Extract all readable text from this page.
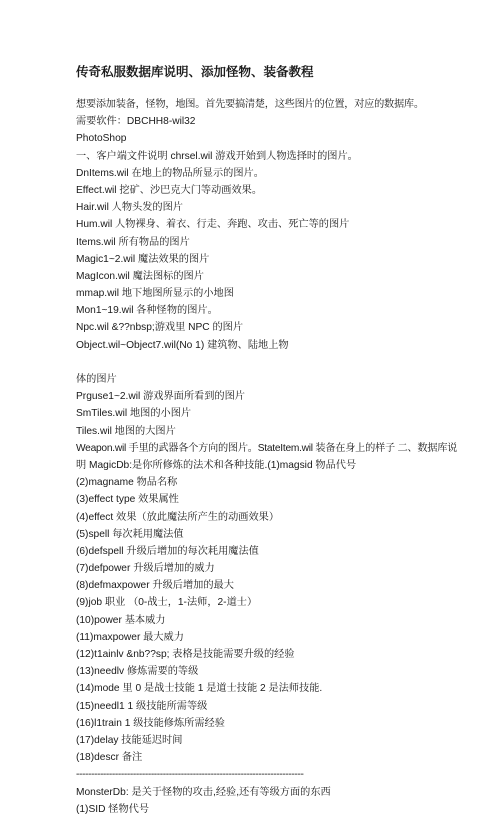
传奇私服数据库说明、添加怪物、装备教程
想要添加装备，怪物，地图。首先要搞清楚，这些图片的位置，对应的数据库。
需要软件：DBCHH8-wil32
PhotoShop
一、客户端文件说明 chrsel.wil 游戏开始到人物选择时的图片。
DnItems.wil 在地上的物品所显示的图片。
Effect.wil 挖矿、沙巴克大门等动画效果。
Hair.wil 人物头发的图片
Hum.wil 人物裸身、着衣、行走、奔跑、攻击、死亡等的图片
Items.wil 所有物品的图片
Magic1~2.wil 魔法效果的图片
MagIcon.wil 魔法图标的图片
mmap.wil 地下地图所显示的小地图
Mon1~19.wil 各种怪物的图片。
Npc.wil &??nbsp;游戏里 NPC 的图片
Object.wil~Object7.wil(No 1) 建筑物、陆地上物
体的图片
Prguse1~2.wil 游戏界面所看到的图片
SmTiles.wil 地图的小图片
Tiles.wil 地图的大图片
Weapon.wil 手里的武器各个方向的图片。StateItem.wil 装备在身上的样子 二、数据库说
明 MagicDb:是你所修炼的法术和各种技能.(1)magsid 物品代号
(2)magname 物品名称
(3)effect type 效果属性
(4)effect 效果（放此魔法所产生的动画效果）
(5)spell 每次耗用魔法值
(6)defspell 升级后增加的每次耗用魔法值
(7)defpower 升级后增加的威力
(8)defmaxpower 升级后增加的最大
(9)job 职业 （0-战士，1-法师，2-道士）
(10)power 基本威力
(11)maxpower 最大威力
(12)t1ainlv &nb??sp; 表格是技能需要升级的经验
(13)needlv 修炼需要的等级
(14)mode 里 0 是战士技能 1 是道士技能 2 是法师技能.
(15)needl1 1 级技能所需等级
(16)l1train 1 级技能修炼所需经验
(17)delay 技能延迟时间
(18)descr 备注
----------------------------------------------------------------------------
MonsterDb: 是关于怪物的攻击,经验,还有等级方面的东西
(1)SID 怪物代号
